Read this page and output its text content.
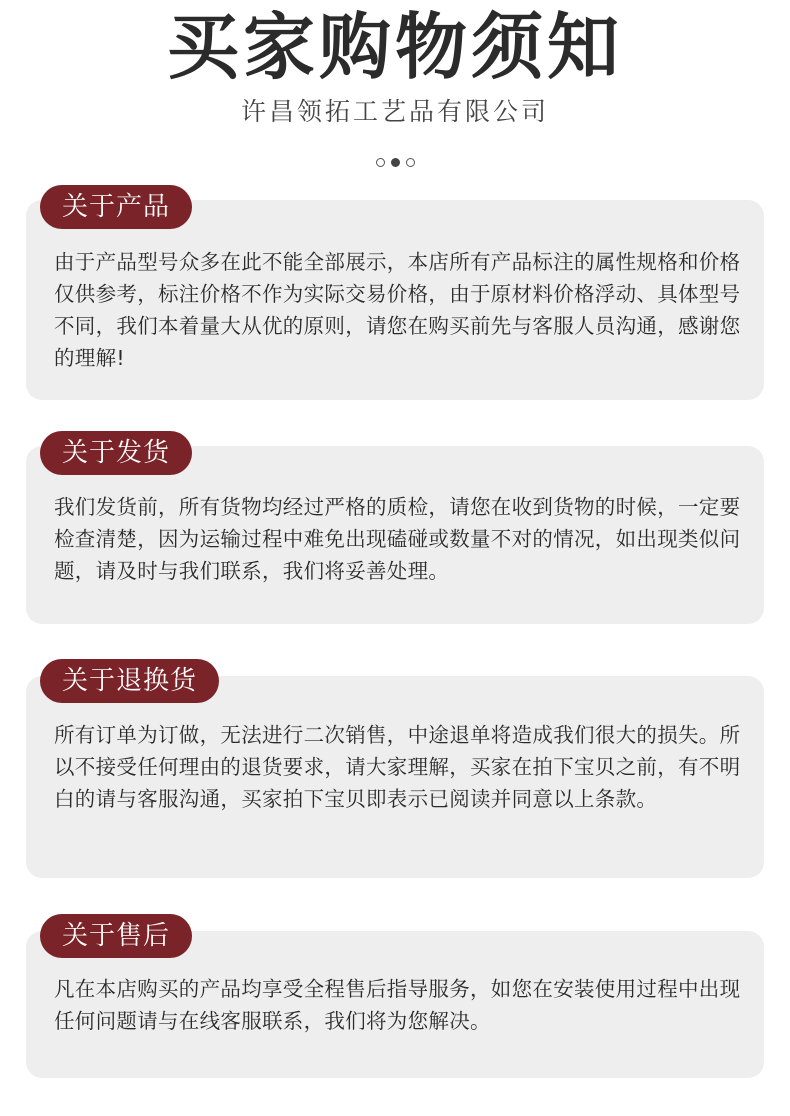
买家购物须知
许昌领拓工艺品有限公司

由于产品型号众多在此不能全部展示，本店所有产品标注的属性规格和价格仅供参考，标注价格不作为实际交易价格，由于原材料价格浮动、具体型号不同，我们本着量大从优的原则，请您在购买前先与客服人员沟通，感谢您的理解!

关于产品

我们发货前，所有货物均经过严格的质检，请您在收到货物的时候，一定要检查清楚，因为运输过程中难免出现磕碰或数量不对的情况，如出现类似问题，请及时与我们联系，我们将妥善处理。

关于发货

所有订单为订做，无法进行二次销售，中途退单将造成我们很大的损失。所以不接受任何理由的退货要求，请大家理解，买家在拍下宝贝之前，有不明白的请与客服沟通，买家拍下宝贝即表示已阅读并同意以上条款。

关于退换货

凡在本店购买的产品均享受全程售后指导服务，如您在安装使用过程中出现任何问题请与在线客服联系，我们将为您解决。

关于售后
